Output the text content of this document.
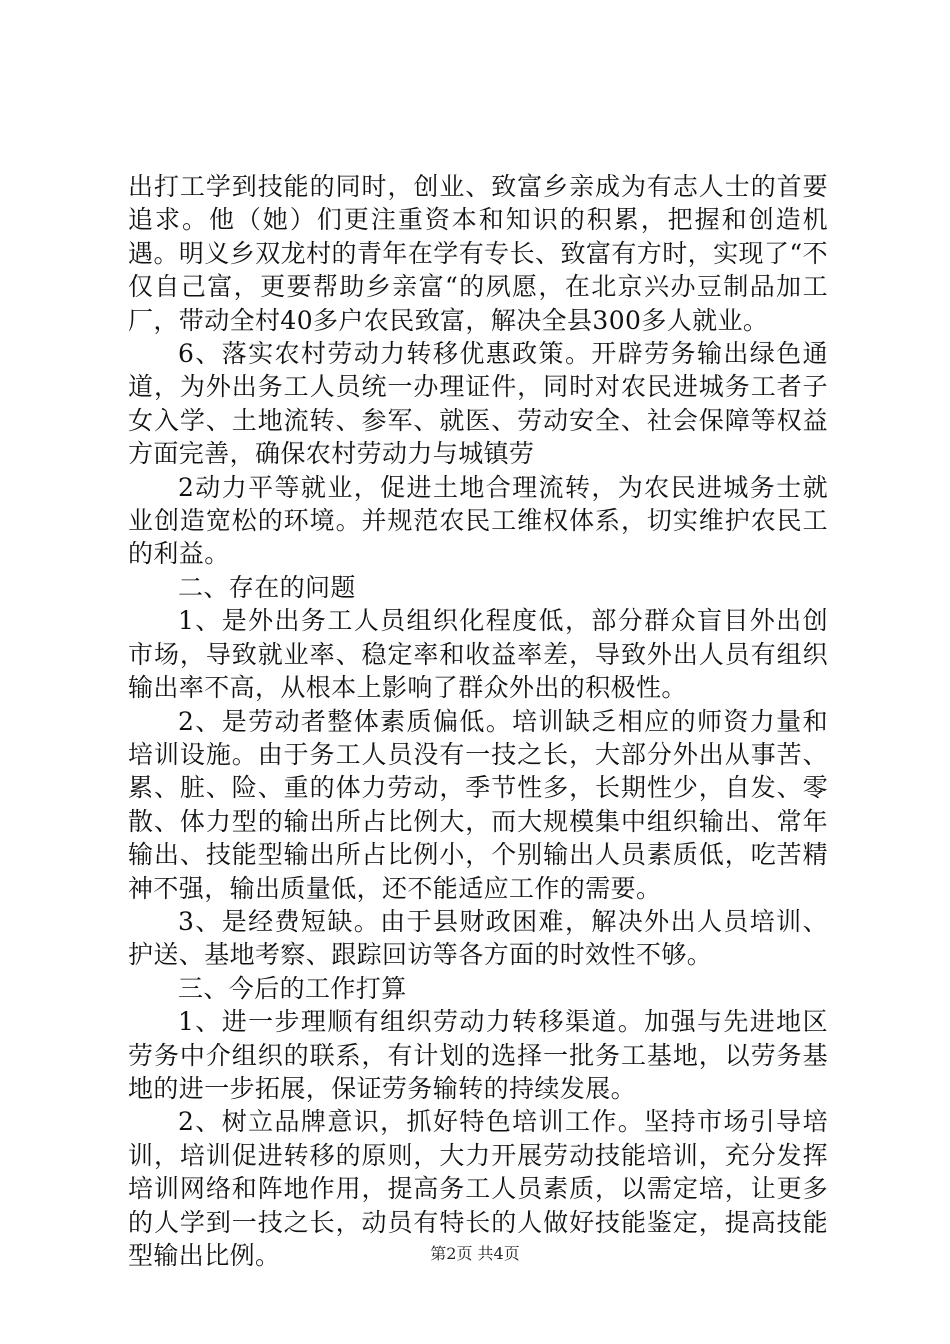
出打工学到技能的同时，创业、致富乡亲成为有志人士的首要追求。他（她）们更注重资本和知识的积累，把握和创造机遇。明义乡双龙村的青年在学有专长、致富有方时，实现了“不仅自己富，更要帮助乡亲富“的夙愿，在北京兴办豆制品加工厂，带动全村40多户农民致富，解决全县300多人就业。

6、落实农村劳动力转移优惠政策。开辟劳务输出绿色通道，为外出务工人员统一办理证件，同时对农民进城务工者子女入学、土地流转、参军、就医、劳动安全、社会保障等权益方面完善，确保农村劳动力与城镇劳

2动力平等就业，促进土地合理流转，为农民进城务士就业创造宽松的环境。并规范农民工维权体系，切实维护农民工的利益。

二、存在的问题

1、是外出务工人员组织化程度低，部分群众盲目外出创市场，导致就业率、稳定率和收益率差，导致外出人员有组织输出率不高，从根本上影响了群众外出的积极性。

2、是劳动者整体素质偏低。培训缺乏相应的师资力量和培训设施。由于务工人员没有一技之长，大部分外出从事苦、累、脏、险、重的体力劳动，季节性多，长期性少，自发、零散、体力型的输出所占比例大，而大规模集中组织输出、常年输出、技能型输出所占比例小，个别输出人员素质低，吃苦精神不强，输出质量低，还不能适应工作的需要。

3、是经费短缺。由于县财政困难，解决外出人员培训、护送、基地考察、跟踪回访等各方面的时效性不够。

三、今后的工作打算

1、进一步理顺有组织劳动力转移渠道。加强与先进地区劳务中介组织的联系，有计划的选择一批务工基地，以劳务基地的进一步拓展，保证劳务输转的持续发展。

2、树立品牌意识，抓好特色培训工作。坚持市场引导培训，培训促进转移的原则，大力开展劳动技能培训，充分发挥培训网络和阵地作用，提高务工人员素质，以需定培，让更多的人学到一技之长，动员有特长的人做好技能鉴定，提高技能型输出比例。	第2页 共4页
